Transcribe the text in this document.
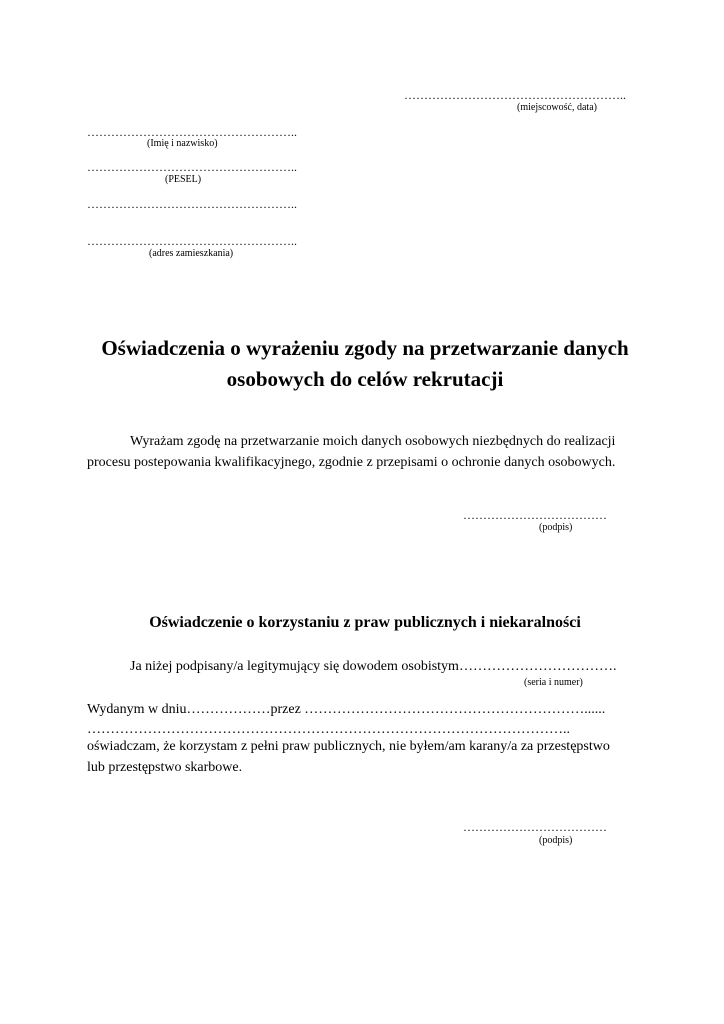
………………………………………………..
(miejscowość, data)
……………………………………………..
(Imię i nazwisko)
……………………………………………..
(PESEL)
……………………………………………..
……………………………………………..
(adres zamieszkania)
Oświadczenia o wyrażeniu zgody na przetwarzanie danych
osobowych do celów rekrutacji
Wyrażam zgodę na przetwarzanie moich danych osobowych niezbędnych do realizacji
procesu postepowania kwalifikacyjnego, zgodnie z przepisami o ochronie danych osobowych.
………………………………
(podpis)
Oświadczenie o korzystaniu z praw publicznych i niekaralności
Ja niżej podpisany/a legitymujący się dowodem osobistym…………………………….
(seria i numer)
Wydanym w dniu………………przez ……………………………………………………......
…………………………………………………………………………………………..
oświadczam, że korzystam z pełni praw publicznych, nie byłem/am karany/a za przestępstwo
lub przestępstwo skarbowe.
………………………………
(podpis)
